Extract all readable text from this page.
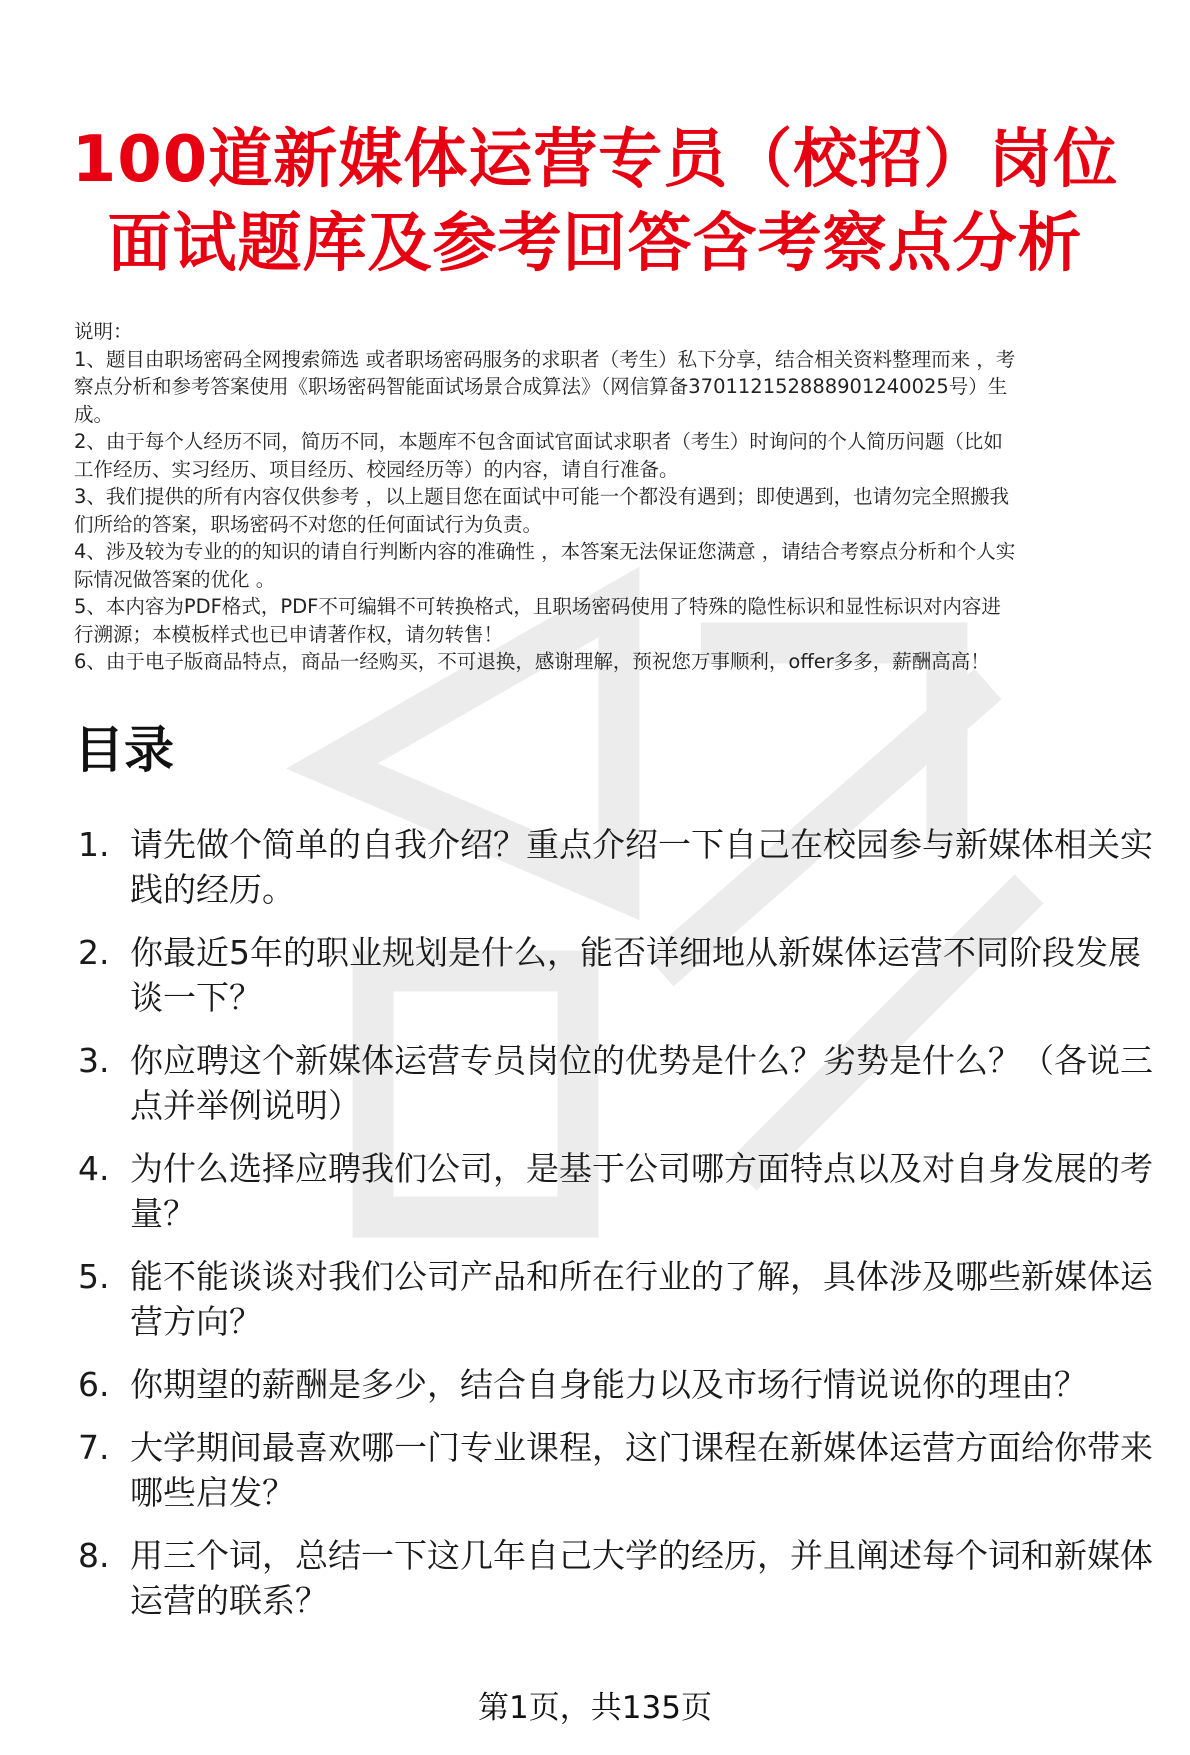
100道新媒体运营专员（校招）岗位
面试题库及参考回答含考察点分析
说明：
1、题目由职场密码全网搜索筛选 或者职场密码服务的求职者（考生）私下分享，结合相关资料整理而来 ，考
察点分析和参考答案使用《职场密码智能面试场景合成算法》（网信算备370112152888901240025号）生
成。
2、由于每个人经历不同，简历不同，本题库不包含面试官面试求职者（考生）时询问的个人简历问题（比如
工作经历、实习经历、项目经历、校园经历等）的内容，请自行准备。
3、我们提供的所有内容仅供参考 ，以上题目您在面试中可能一个都没有遇到；即使遇到，也请勿完全照搬我
们所给的答案，职场密码不对您的任何面试行为负责。
4、涉及较为专业的的知识的请自行判断内容的准确性 ，本答案无法保证您满意 ，请结合考察点分析和个人实
际情况做答案的优化 。
5、本内容为PDF格式，PDF不可编辑不可转换格式，且职场密码使用了特殊的隐性标识和显性标识对内容进
行溯源；本模板样式也已申请著作权，请勿转售！
6、由于电子版商品特点，商品一经购买，不可退换，感谢理解，预祝您万事顺利，offer多多，薪酬高高！
目录
1. 请先做个简单的自我介绍？重点介绍一下自己在校园参与新媒体相关实践的经历。
2. 你最近5年的职业规划是什么，能否详细地从新媒体运营不同阶段发展谈一下？
3. 你应聘这个新媒体运营专员岗位的优势是什么？劣势是什么？（各说三点并举例说明）
4. 为什么选择应聘我们公司，是基于公司哪方面特点以及对自身发展的考量？
5. 能不能谈谈对我们公司产品和所在行业的了解，具体涉及哪些新媒体运营方向？
6. 你期望的薪酬是多少，结合自身能力以及市场行情说说你的理由？
7. 大学期间最喜欢哪一门专业课程，这门课程在新媒体运营方面给你带来哪些启发？
8. 用三个词，总结一下这几年自己大学的经历，并且阐述每个词和新媒体运营的联系？
第1页，共135页
